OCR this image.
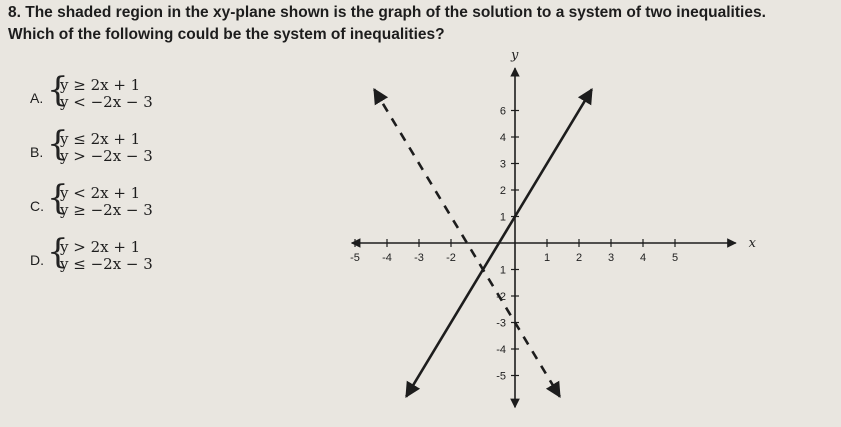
8. The shaded region in the xy-plane shown is the graph of the solution to a system of two inequalities.
Which of the following could be the system of inequalities?
A. {
y ≥ 2x + 1
y < −2x − 3
B. {
y ≤ 2x + 1
y > −2x − 3
C. {
y < 2x + 1
y ≥ −2x − 3
D. {
y > 2x + 1
y ≤ −2x − 3
x
y
-5 -4 -3 -2	1 2 3 4 5
-5
-4
-3
-2
1
1
2
3
4
6
